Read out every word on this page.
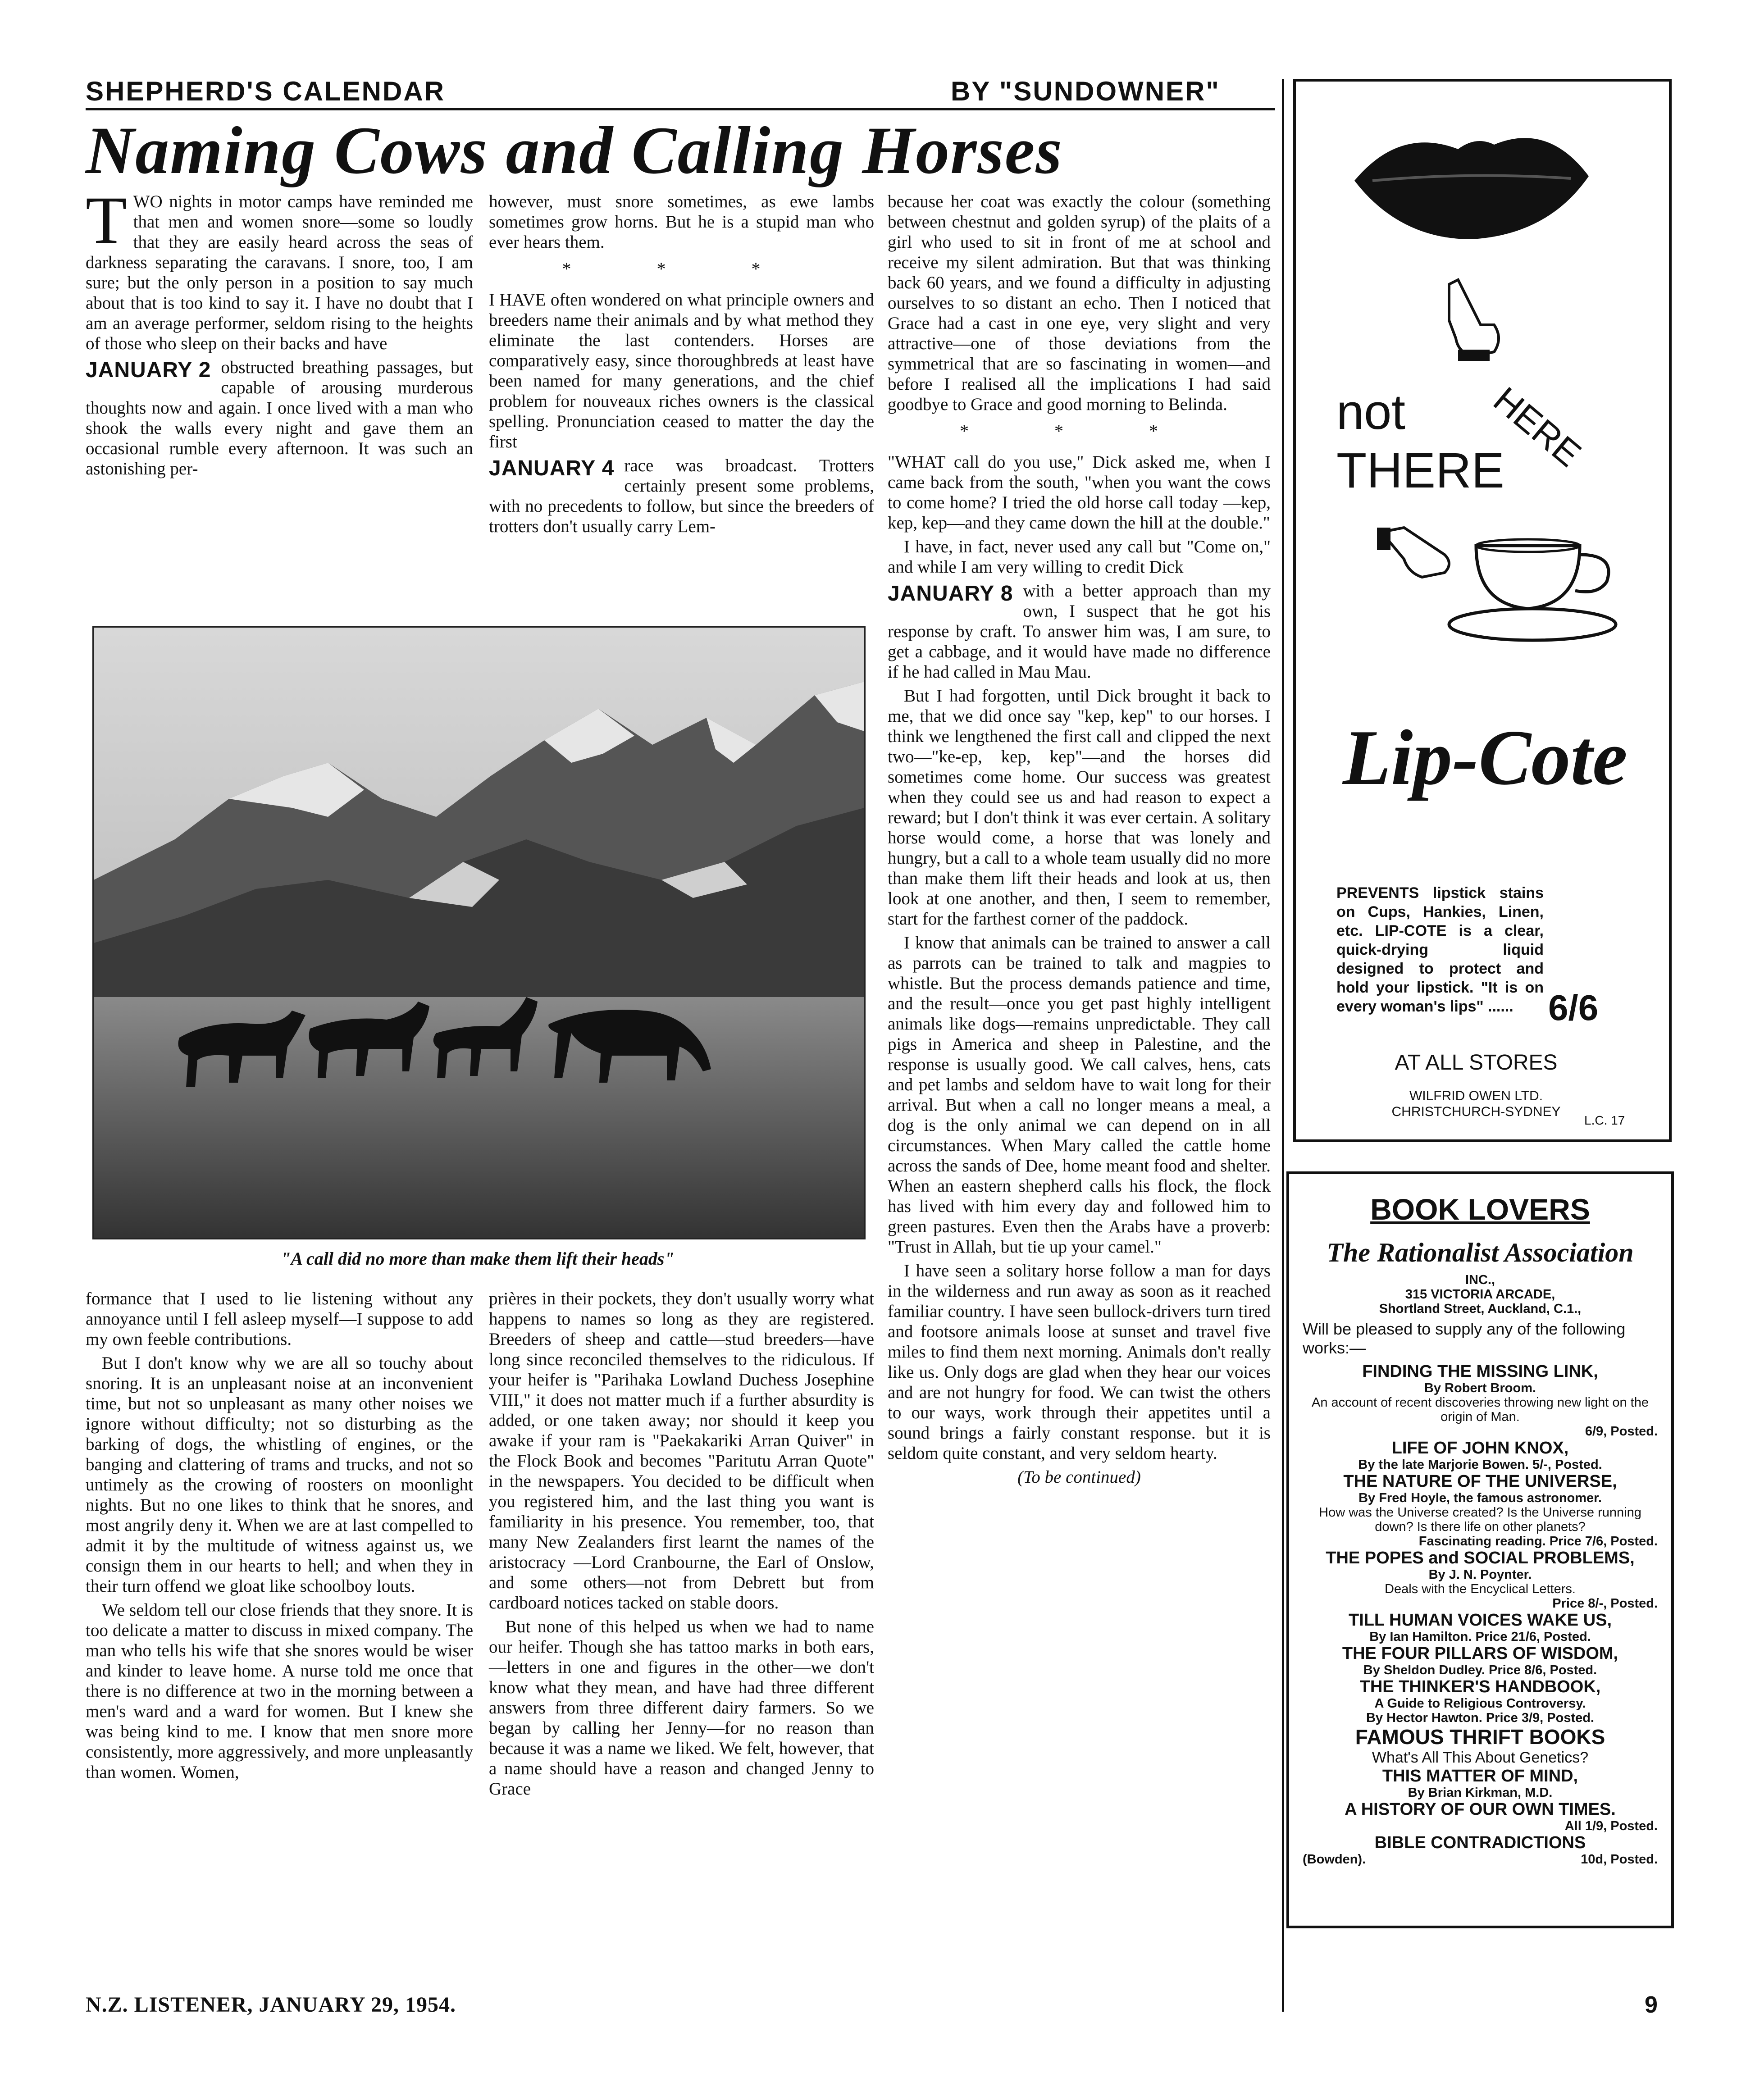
SHEPHERD'S CALENDAR	BY "SUNDOWNER"
Naming Cows and Calling Horses

TWO nights in motor camps have reminded me that men and women snore—some so loudly that they are easily heard across the seas of darkness separating the caravans. I snore, too, I am sure; but the only person in a position to say much about that is too kind to say it. I have no doubt that I am an average performer, seldom rising to the heights of those who sleep on their backs and have

JANUARY 2 obstructed breathing passages, but capable of arousing murderous thoughts now and again. I once lived with a man who shook the walls every night and gave them an occasional rumble every afternoon. It was such an astonishing per-

however, must snore sometimes, as ewe lambs sometimes grow horns. But he is a stupid man who ever hears them.

* * *

I HAVE often wondered on what principle owners and breeders name their animals and by what method they eliminate the last contenders. Horses are comparatively easy, since thoroughbreds at least have been named for many generations, and the chief problem for nouveaux riches owners is the classical spelling. Pronunciation ceased to matter the day the first

JANUARY 4 race was broadcast. Trotters certainly present some problems, with no precedents to follow, but since the breeders of trotters don't usually carry Lem-

because her coat was exactly the colour (something between chestnut and golden syrup) of the plaits of a girl who used to sit in front of me at school and receive my silent admiration. But that was thinking back 60 years, and we found a difficulty in adjusting ourselves to so distant an echo. Then I noticed that Grace had a cast in one eye, very slight and very attractive—one of those deviations from the symmetrical that are so fascinating in women—and before I realised all the implications I had said goodbye to Grace and good morning to Belinda.

* * *

"WHAT call do you use," Dick asked me, when I came back from the south, "when you want the cows to come home? I tried the old horse call today —kep, kep, kep—and they came down the hill at the double."

I have, in fact, never used any call but "Come on," and while I am very willing to credit Dick

JANUARY 8 with a better approach than my own, I suspect that he got his response by craft. To answer him was, I am sure, to get a cabbage, and it would have made no difference if he had called in Mau Mau.

But I had forgotten, until Dick brought it back to me, that we did once say "kep, kep" to our horses. I think we lengthened the first call and clipped the next two—"ke-ep, kep, kep"—and the horses did sometimes come home. Our success was greatest when they could see us and had reason to expect a reward; but I don't think it was ever certain. A solitary horse would come, a horse that was lonely and hungry, but a call to a whole team usually did no more than make them lift their heads and look at us, then look at one another, and then, I seem to remember, start for the farthest corner of the paddock.

I know that animals can be trained to answer a call as parrots can be trained to talk and magpies to whistle. But the process demands patience and time, and the result—once you get past highly intelligent animals like dogs—remains unpredictable. They call pigs in America and sheep in Palestine, and the response is usually good. We call calves, hens, cats and pet lambs and seldom have to wait long for their arrival. But when a call no longer means a meal, a dog is the only animal we can depend on in all circumstances. When Mary called the cattle home across the sands of Dee, home meant food and shelter. When an eastern shepherd calls his flock, the flock has lived with him every day and followed him to green pastures. Even then the Arabs have a proverb: "Trust in Allah, but tie up your camel."

I have seen a solitary horse follow a man for days in the wilderness and run away as soon as it reached familiar country. I have seen bullock-drivers turn tired and footsore animals loose at sunset and travel five miles to find them next morning. Animals don't really like us. Only dogs are glad when they hear our voices and are not hungry for food. We can twist the others to our ways, work through their appetites until a sound brings a fairly constant response. but it is seldom quite constant, and very seldom hearty.

(To be continued)
"A call did no more than make them lift their heads"

formance that I used to lie listening without any annoyance until I fell asleep myself—I suppose to add my own feeble contributions.

But I don't know why we are all so touchy about snoring. It is an unpleasant noise at an inconvenient time, but not so unpleasant as many other noises we ignore without difficulty; not so disturbing as the barking of dogs, the whistling of engines, or the banging and clattering of trams and trucks, and not so untimely as the crowing of roosters on moonlight nights. But no one likes to think that he snores, and most angrily deny it. When we are at last compelled to admit it by the multitude of witness against us, we consign them in our hearts to hell; and when they in their turn offend we gloat like schoolboy louts.

We seldom tell our close friends that they snore. It is too delicate a matter to discuss in mixed company. The man who tells his wife that she snores would be wiser and kinder to leave home. A nurse told me once that there is no difference at two in the morning between a men's ward and a ward for women. But I knew she was being kind to me. I know that men snore more consistently, more aggressively, and more unpleasantly than women. Women,

prières in their pockets, they don't usually worry what happens to names so long as they are registered. Breeders of sheep and cattle—stud breeders—have long since reconciled themselves to the ridiculous. If your heifer is "Parihaka Lowland Duchess Josephine VIII," it does not matter much if a further absurdity is added, or one taken away; nor should it keep you awake if your ram is "Paekakariki Arran Quiver" in the Flock Book and becomes "Paritutu Arran Quote" in the newspapers. You decided to be difficult when you registered him, and the last thing you want is familiarity in his presence. You remember, too, that many New Zealanders first learnt the names of the aristocracy —Lord Cranbourne, the Earl of Onslow, and some others—not from Debrett but from cardboard notices tacked on stable doors.

But none of this helped us when we had to name our heifer. Though she has tattoo marks in both ears,—letters in one and figures in the other—we don't know what they mean, and have had three different answers from three different dairy farmers. So we began by calling her Jenny—for no reason than because it was a name we liked. We felt, however, that a name should have a reason and changed Jenny to Grace

N.Z. LISTENER, JANUARY 29, 1954.	9
not HERE
THERE
Lip-Cote
PREVENTS lipstick stains on Cups, Hankies, Linen, etc. LIP-COTE is a clear, quick-drying liquid designed to protect and hold your lipstick. "It is on every woman's lips" ...... 6/6
AT ALL STORES
WILFRID OWEN LTD.
CHRISTCHURCH-SYDNEY
L.C. 17
BOOK LOVERS
The Rationalist Association
INC.,
315 VICTORIA ARCADE,
Shortland Street, Auckland, C.1.,
Will be pleased to supply any of the following works:—
FINDING THE MISSING LINK,
By Robert Broom.
An account of recent discoveries throwing new light on the origin of Man.
6/9, Posted.
LIFE OF JOHN KNOX,
By the late Marjorie Bowen. 5/-, Posted.
THE NATURE OF THE UNIVERSE,
By Fred Hoyle, the famous astronomer.
How was the Universe created? Is the Universe running down? Is there life on other planets?
Fascinating reading. Price 7/6, Posted.
THE POPES and SOCIAL PROBLEMS,
By J. N. Poynter.
Deals with the Encyclical Letters.
Price 8/-, Posted.
TILL HUMAN VOICES WAKE US,
By Ian Hamilton. Price 21/6, Posted.
THE FOUR PILLARS OF WISDOM,
By Sheldon Dudley. Price 8/6, Posted.
THE THINKER'S HANDBOOK,
A Guide to Religious Controversy.
By Hector Hawton. Price 3/9, Posted.
FAMOUS THRIFT BOOKS
What's All This About Genetics?
THIS MATTER OF MIND,
By Brian Kirkman, M.D.
A HISTORY OF OUR OWN TIMES.
All 1/9, Posted.
BIBLE CONTRADICTIONS
(Bowden).	10d, Posted.
